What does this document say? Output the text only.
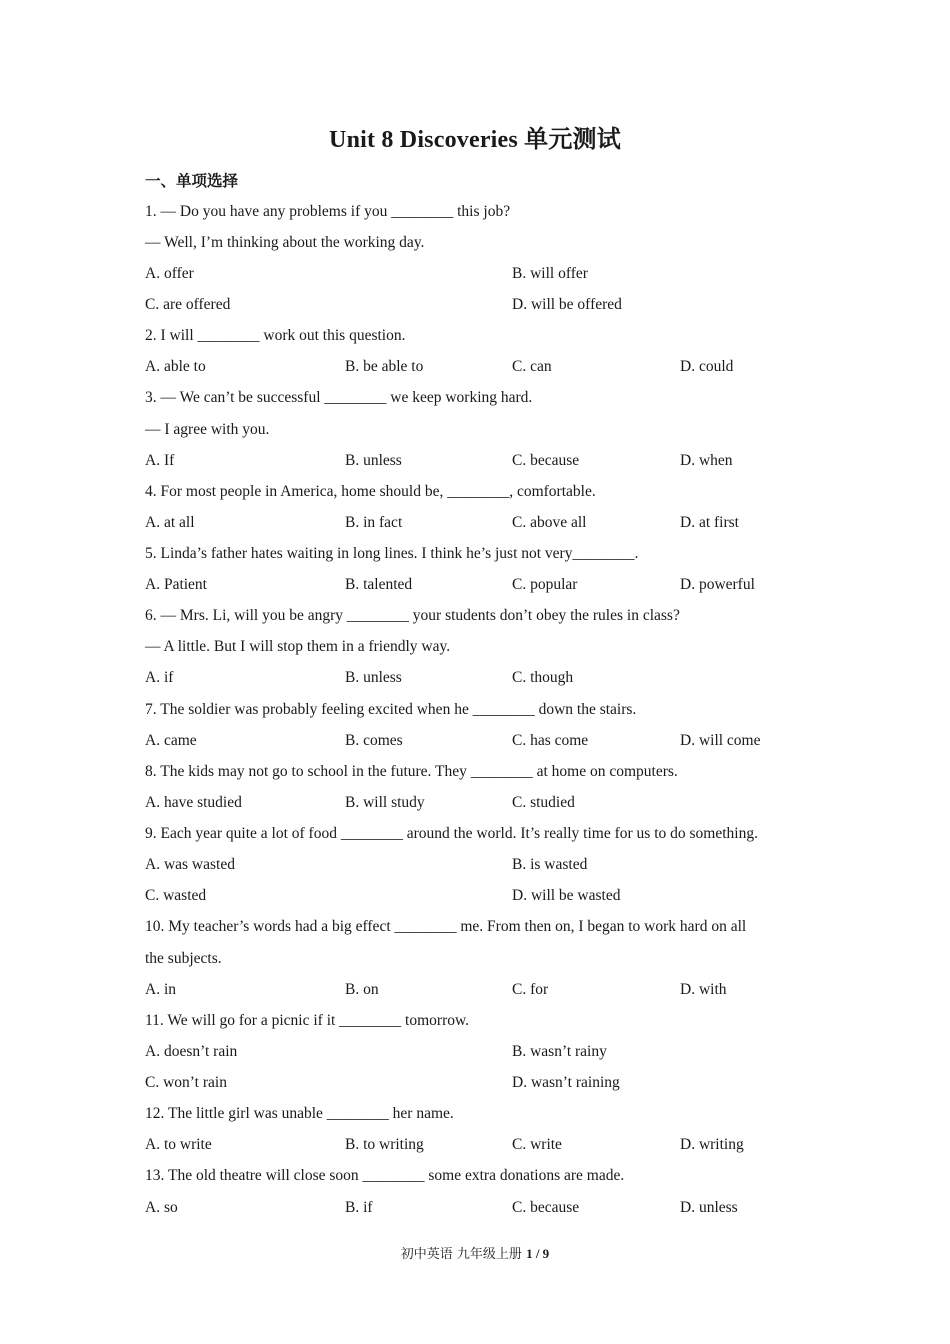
Unit 8 Discoveries 单元测试
一、单项选择
1. — Do you have any problems if you ________ this job?
— Well, I’m thinking about the working day.
A. offer	B. will offer
C. are offered	D. will be offered
2. I will ________ work out this question.
A. able to	B. be able to	C. can	D. could
3. — We can’t be successful ________ we keep working hard.
— I agree with you.
A. If	B. unless	C. because	D. when
4. For most people in America, home should be, ________, comfortable.
A. at all	B. in fact	C. above all	D. at first
5. Linda’s father hates waiting in long lines. I think he’s just not very________.
A. Patient	B. talented	C. popular	D. powerful
6. — Mrs. Li, will you be angry ________ your students don’t obey the rules in class?
— A little. But I will stop them in a friendly way.
A. if	B. unless	C. though
7. The soldier was probably feeling excited when he ________ down the stairs.
A. came	B. comes	C. has come	D. will come
8. The kids may not go to school in the future. They ________ at home on computers.
A. have studied	B. will study	C. studied
9. Each year quite a lot of food ________ around the world. It’s really time for us to do something.
A. was wasted	B. is wasted
C. wasted	D. will be wasted
10. My teacher’s words had a big effect ________ me. From then on, I began to work hard on all
the subjects.
A. in	B. on	C. for	D. with
11. We will go for a picnic if it ________ tomorrow.
A. doesn’t rain	B. wasn’t rainy
C. won’t rain	D. wasn’t raining
12. The little girl was unable ________ her name.
A. to write	B. to writing	C. write	D. writing
13. The old theatre will close soon ________ some extra donations are made.
A. so	B. if	C. because	D. unless
初中英语 九年级上册 1 / 9
